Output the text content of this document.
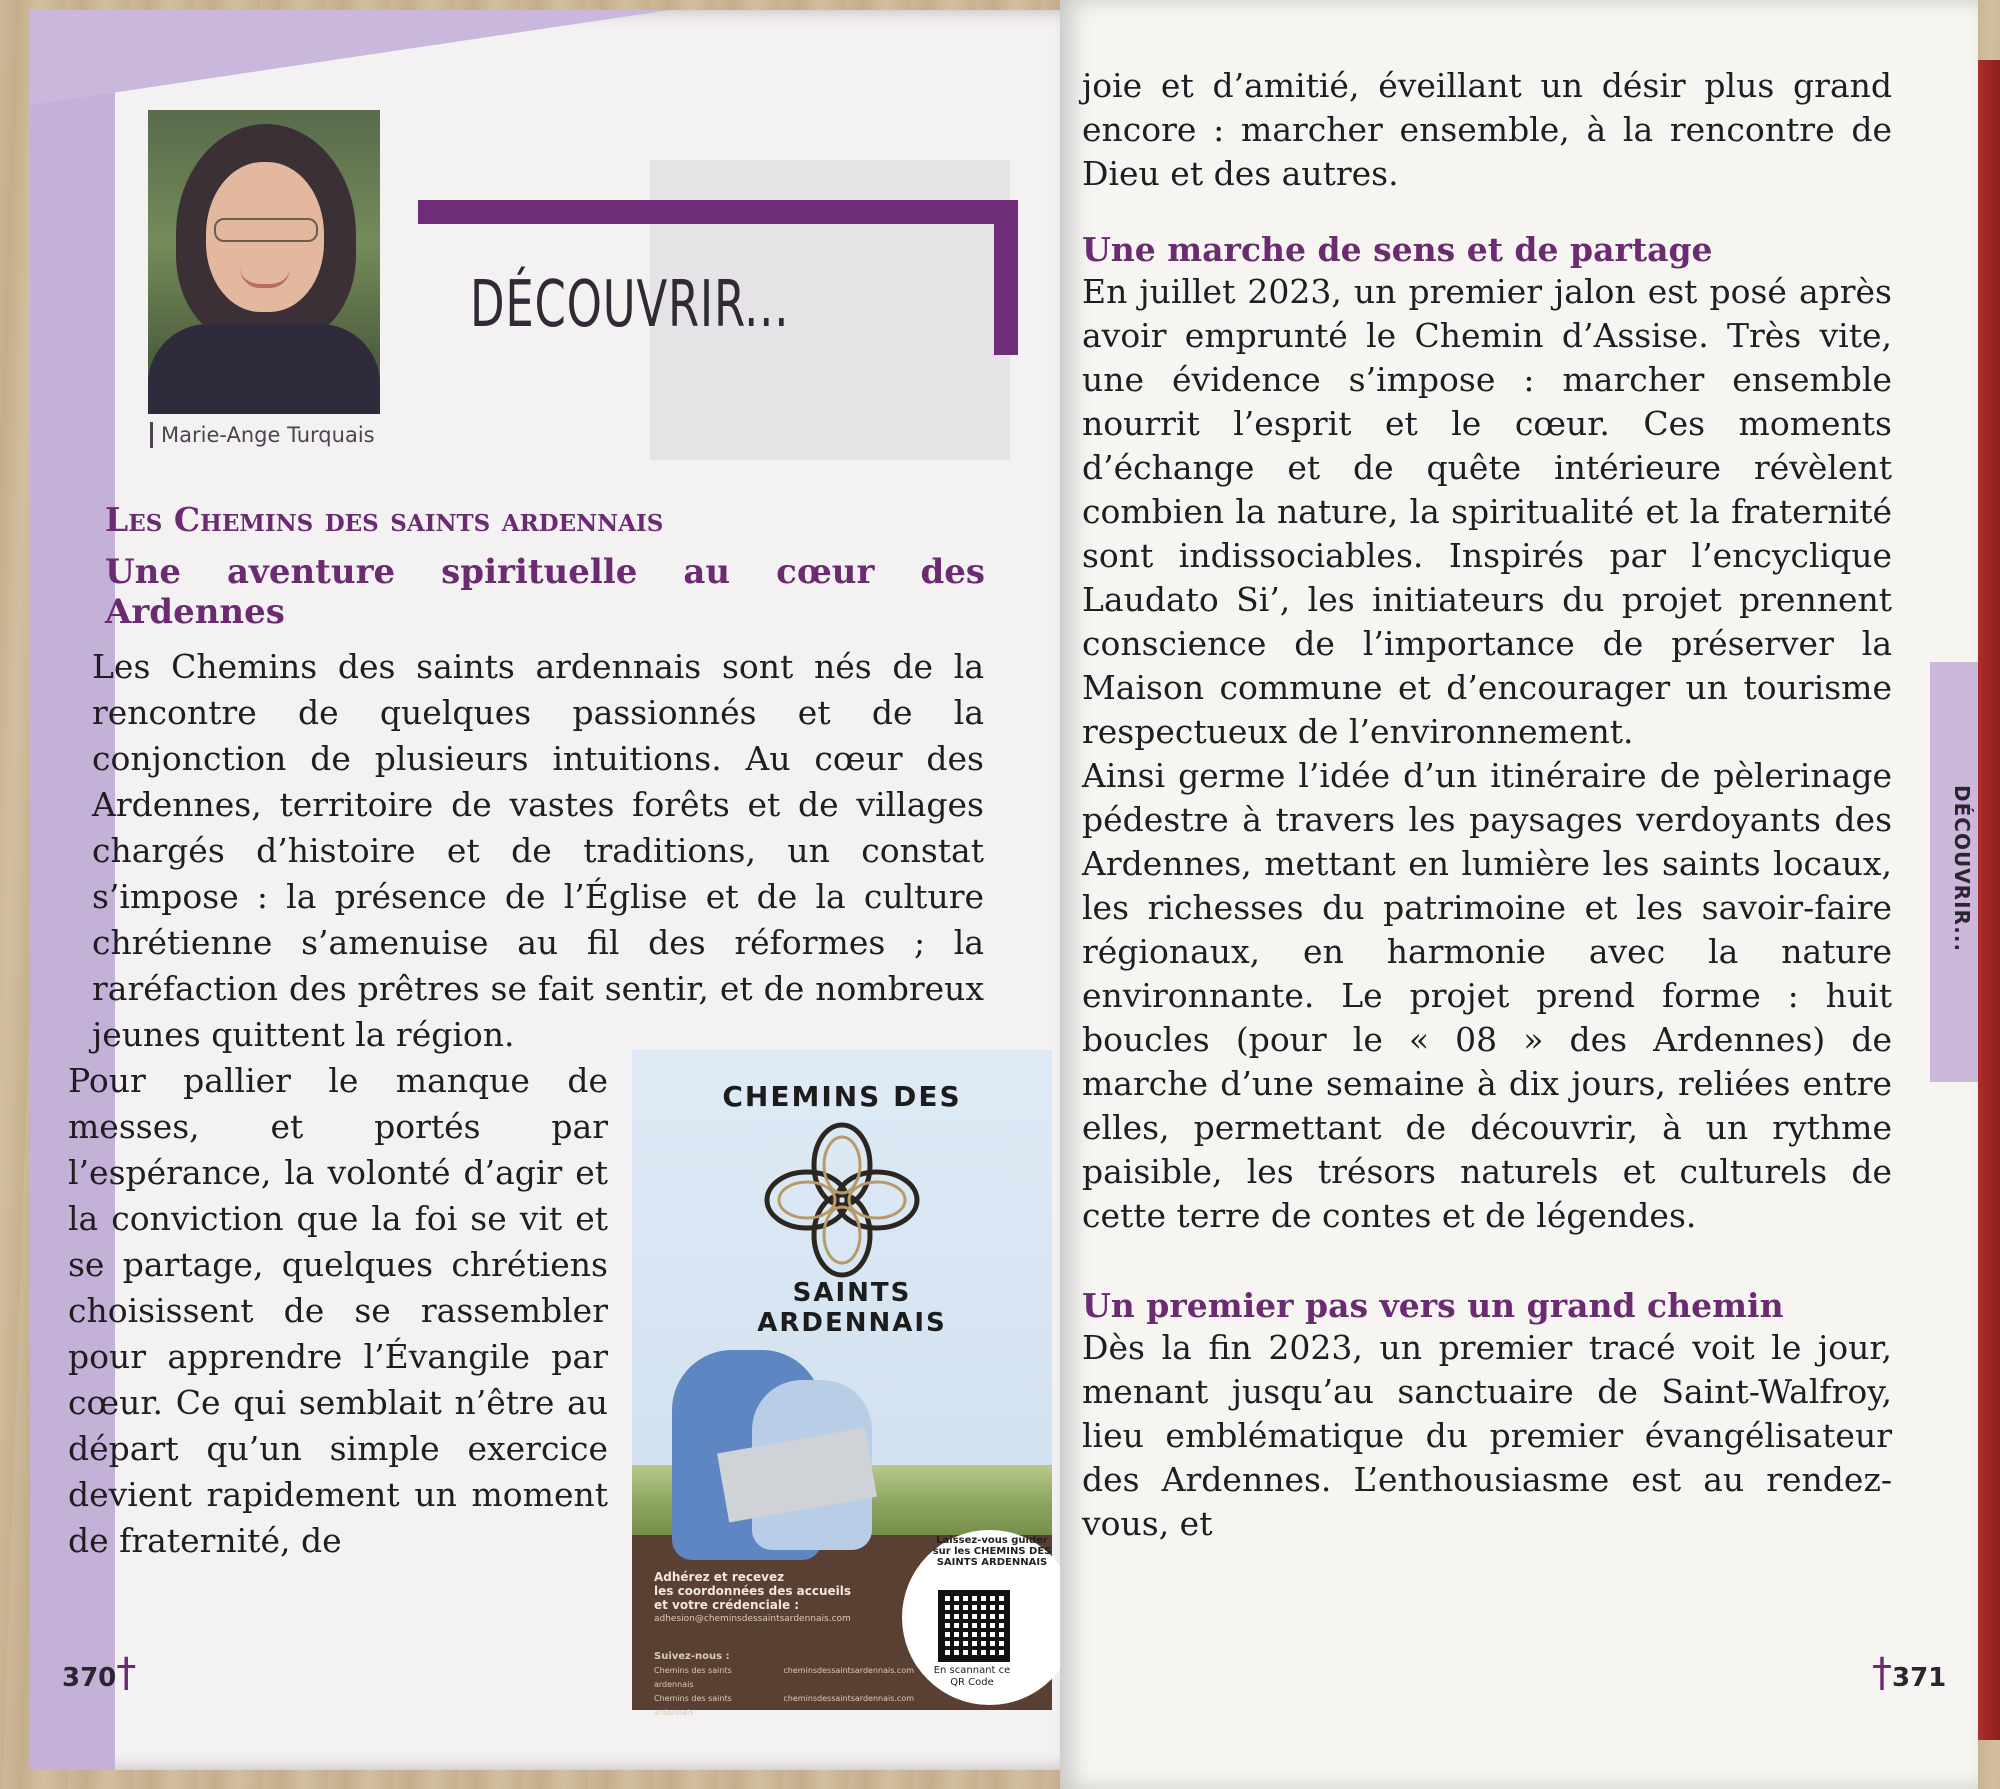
Marie-Ange Turquais
DÉCOUVRIR...
Les Chemins des saints ardennais
Une aventure spirituelle au cœur des Ardennes
Les Chemins des saints ardennais sont nés de la rencontre de quelques passionnés et de la conjonction de plusieurs intuitions. Au cœur des Ardennes, territoire de vastes forêts et de villages chargés d’histoire et de traditions, un constat s’impose : la présence de l’Église et de la culture chrétienne s’amenuise au fil des réformes ; la raréfaction des prêtres se fait sentir, et de nombreux jeunes quittent la région.
Pour pallier le manque de messes, et portés par l’espérance, la volonté d’agir et la conviction que la foi se vit et se partage, quelques chrétiens choisissent de se rassembler pour apprendre l’Évangile par cœur. Ce qui semblait n’être au départ qu’un simple exercice devient rapidement un moment de fraternité, de
370†
CHEMINS DES
SAINTS ARDENNAIS
Adhérez et recevez
les coordonnées des accueils
et votre crédenciale :
adhesion@cheminsdessaintsardennais.com
Suivez-nous :
Chemins des saints ardennais
cheminsdessaintsardennais.com
Chemins des saints ardennais
cheminsdessaintsardennais.com
Laissez-vous guider sur les CHEMINS DES SAINTS ARDENNAIS
En scannant ce QR Code

joie et d’amitié, éveillant un désir plus grand encore : marcher ensemble, à la rencontre de Dieu et des autres.

Une marche de sens et de partage

En juillet 2023, un premier jalon est posé après avoir emprunté le Chemin d’Assise. Très vite, une évidence s’impose : marcher ensemble nourrit l’esprit et le cœur. Ces moments d’échange et de quête intérieure révèlent combien la nature, la spiritualité et la fraternité sont indissociables. Inspirés par l’encyclique Laudato Si’, les initiateurs du projet prennent conscience de l’importance de préserver la Maison commune et d’encourager un tourisme respectueux de l’environnement.

Ainsi germe l’idée d’un itinéraire de pèlerinage pédestre à travers les paysages verdoyants des Ardennes, mettant en lumière les saints locaux, les richesses du patrimoine et les savoir-faire régionaux, en harmonie avec la nature environnante. Le projet prend forme : huit boucles (pour le « 08 » des Ardennes) de marche d’une semaine à dix jours, reliées entre elles, permettant de découvrir, à un rythme paisible, les trésors naturels et culturels de cette terre de contes et de légendes.

Un premier pas vers un grand chemin

Dès la fin 2023, un premier tracé voit le jour, menant jusqu’au sanctuaire de Saint-Walfroy, lieu emblématique du premier évangélisateur des Ardennes. L’enthousiasme est au rendez-vous, et

DÉCOUVRIR...
†371
